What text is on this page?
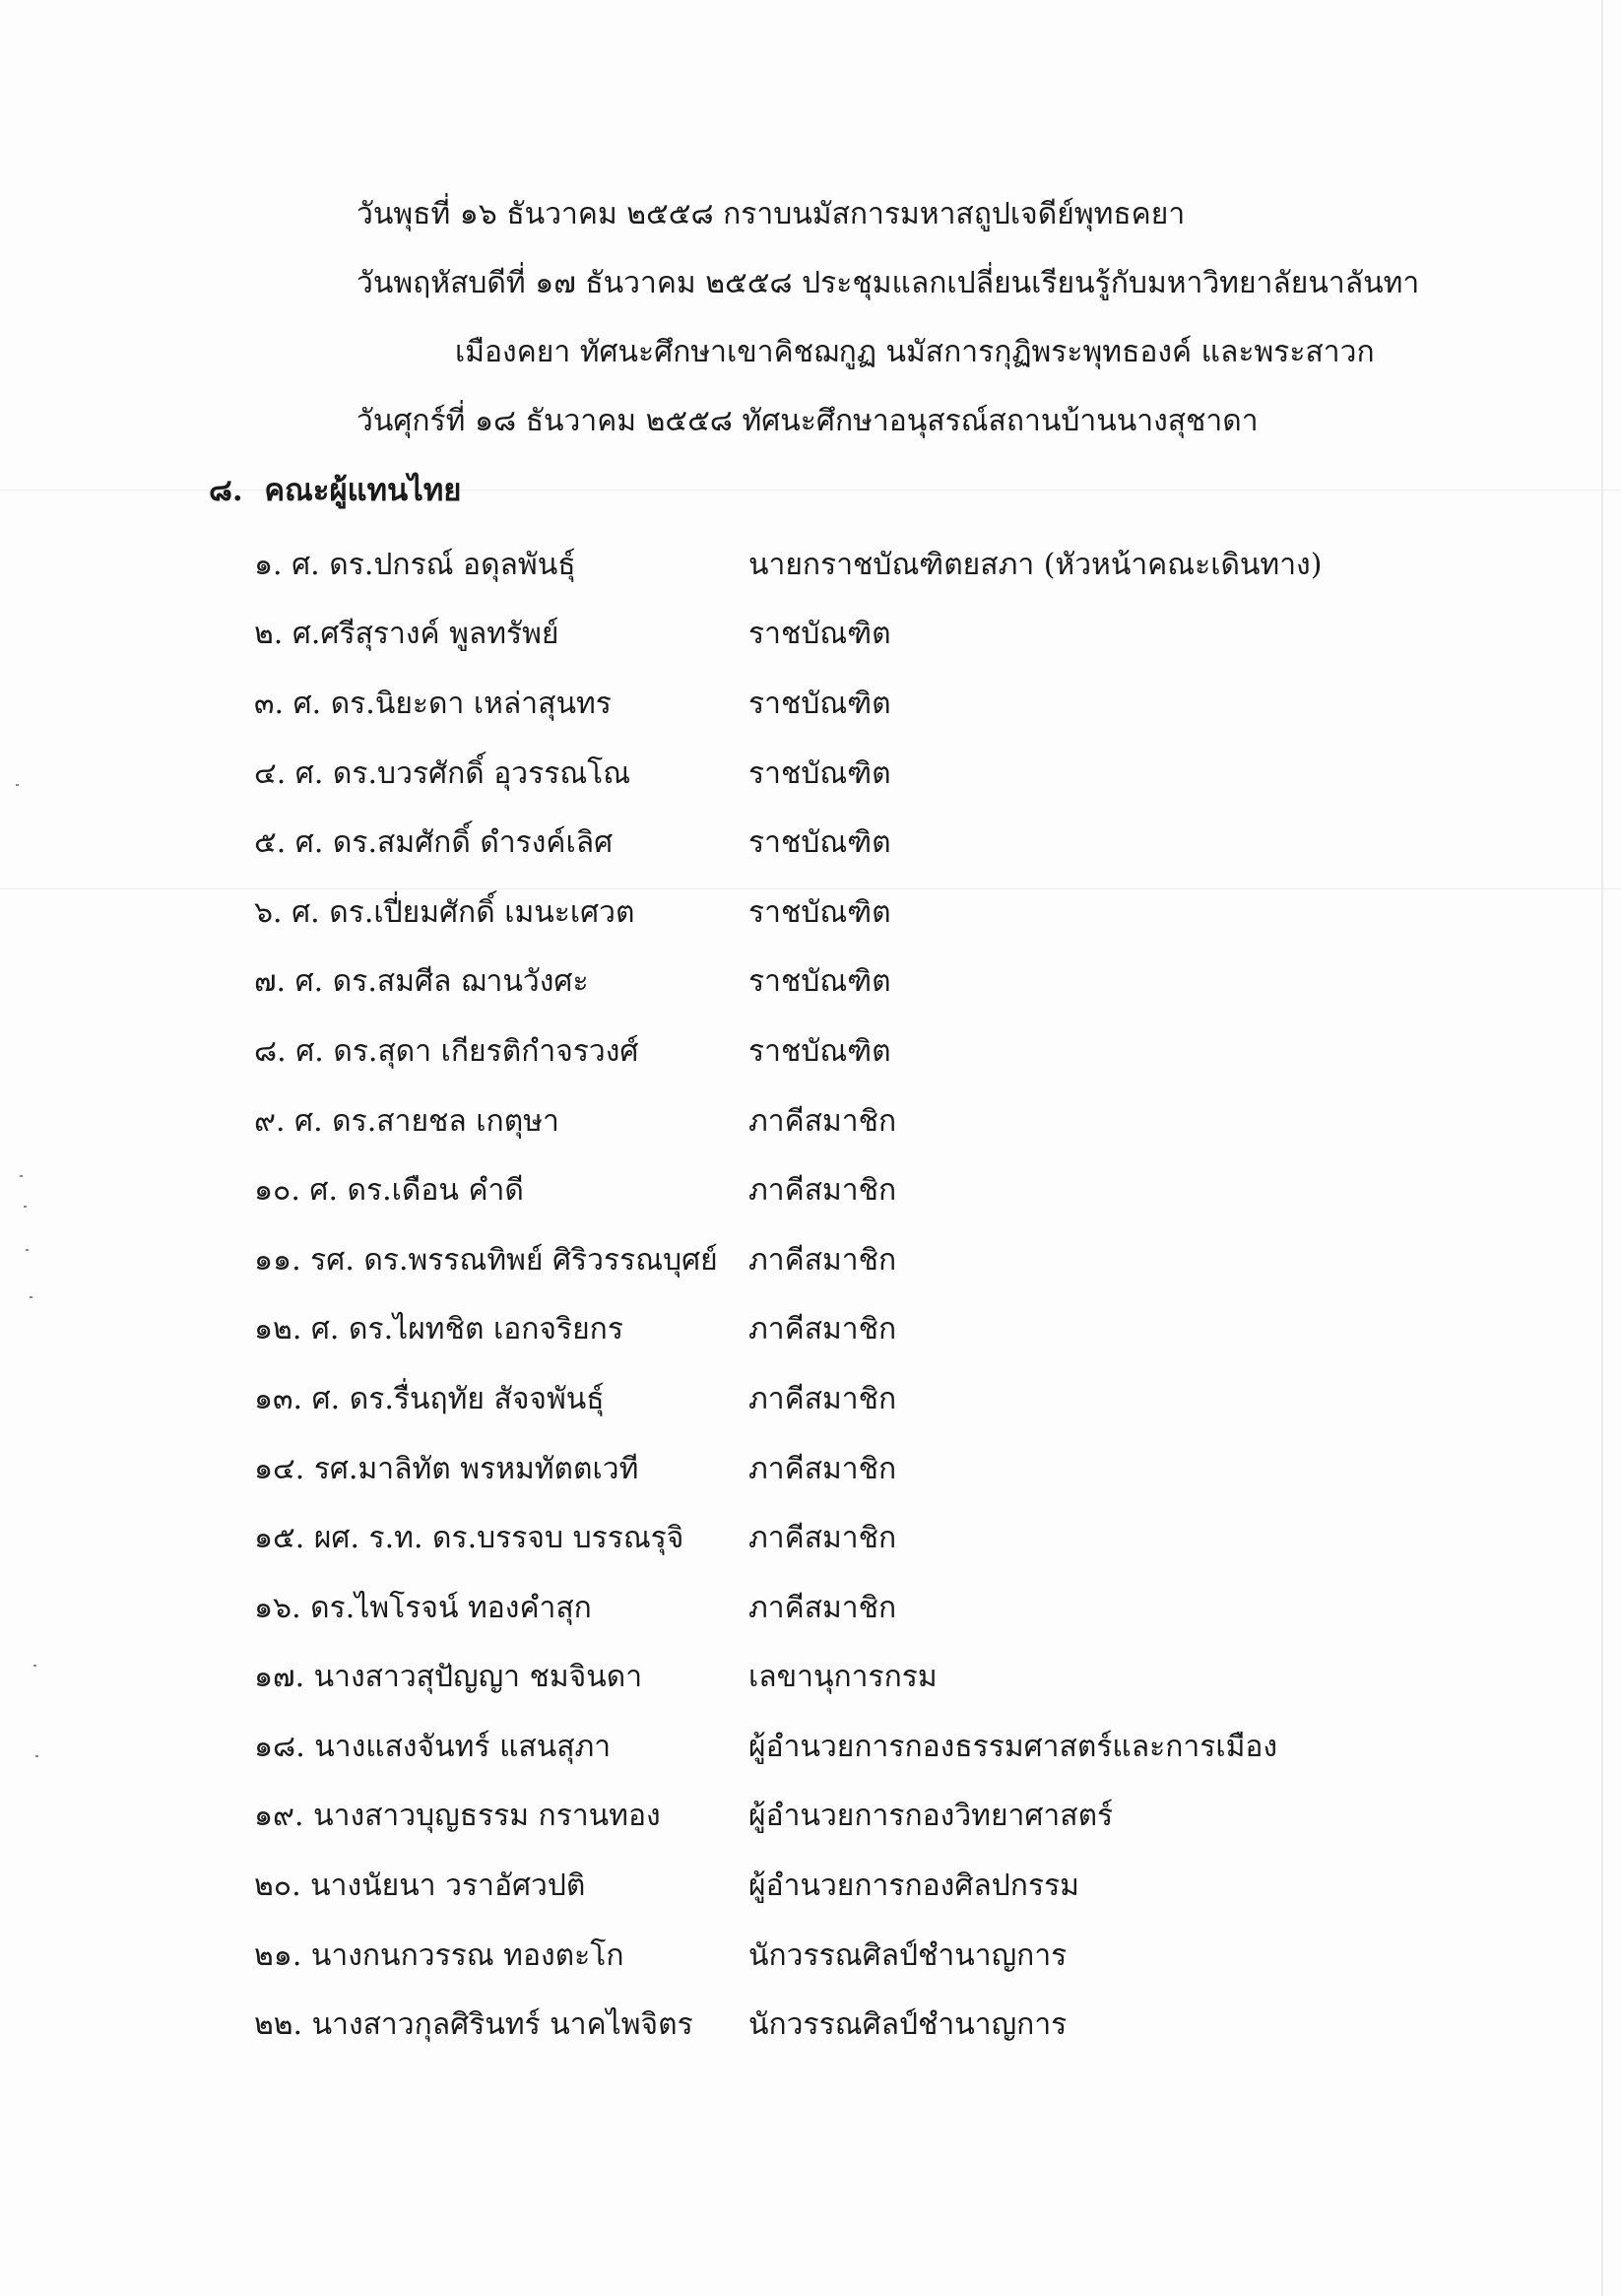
วันพุธที่ ๑๖ ธันวาคม ๒๕๕๘ กราบนมัสการมหาสถูปเจดีย์พุทธคยา
วันพฤหัสบดีที่ ๑๗ ธันวาคม ๒๕๕๘ ประชุมแลกเปลี่ยนเรียนรู้กับมหาวิทยาลัยนาลันทา
เมืองคยา ทัศนะศึกษาเขาคิชฌกูฏ นมัสการกุฏิพระพุทธองค์ และพระสาวก
วันศุกร์ที่ ๑๘ ธันวาคม ๒๕๕๘ ทัศนะศึกษาอนุสรณ์สถานบ้านนางสุชาดา
๘. คณะผู้แทนไทย
๑. ศ. ดร.ปกรณ์ อดุลพันธุ์	นายกราชบัณฑิตยสภา (หัวหน้าคณะเดินทาง)
๒. ศ.ศรีสุรางค์ พูลทรัพย์	ราชบัณฑิต
๓. ศ. ดร.นิยะดา เหล่าสุนทร	ราชบัณฑิต
๔. ศ. ดร.บวรศักดิ์ อุวรรณโณ	ราชบัณฑิต
๕. ศ. ดร.สมศักดิ์ ดำรงค์เลิศ	ราชบัณฑิต
๖. ศ. ดร.เปี่ยมศักดิ์ เมนะเศวต	ราชบัณฑิต
๗. ศ. ดร.สมศีล ฌานวังศะ	ราชบัณฑิต
๘. ศ. ดร.สุดา เกียรติกำจรวงศ์	ราชบัณฑิต
๙. ศ. ดร.สายชล เกตุษา	ภาคีสมาชิก
๑๐. ศ. ดร.เดือน คำดี	ภาคีสมาชิก
๑๑. รศ. ดร.พรรณทิพย์ ศิริวรรณบุศย์	ภาคีสมาชิก
๑๒. ศ. ดร.ไผทชิต เอกจริยกร	ภาคีสมาชิก
๑๓. ศ. ดร.รื่นฤทัย สัจจพันธุ์	ภาคีสมาชิก
๑๔. รศ.มาลิทัต พรหมทัตตเวที	ภาคีสมาชิก
๑๕. ผศ. ร.ท. ดร.บรรจบ บรรณรุจิ	ภาคีสมาชิก
๑๖. ดร.ไพโรจน์ ทองคำสุก	ภาคีสมาชิก
๑๗. นางสาวสุปัญญา ชมจินดา	เลขานุการกรม
๑๘. นางแสงจันทร์ แสนสุภา	ผู้อำนวยการกองธรรมศาสตร์และการเมือง
๑๙. นางสาวบุญธรรม กรานทอง	ผู้อำนวยการกองวิทยาศาสตร์
๒๐. นางนัยนา วราอัศวปติ	ผู้อำนวยการกองศิลปกรรม
๒๑. นางกนกวรรณ ทองตะโก	นักวรรณศิลป์ชำนาญการ
๒๒. นางสาวกุลศิรินทร์ นาคไพจิตร	นักวรรณศิลป์ชำนาญการ
